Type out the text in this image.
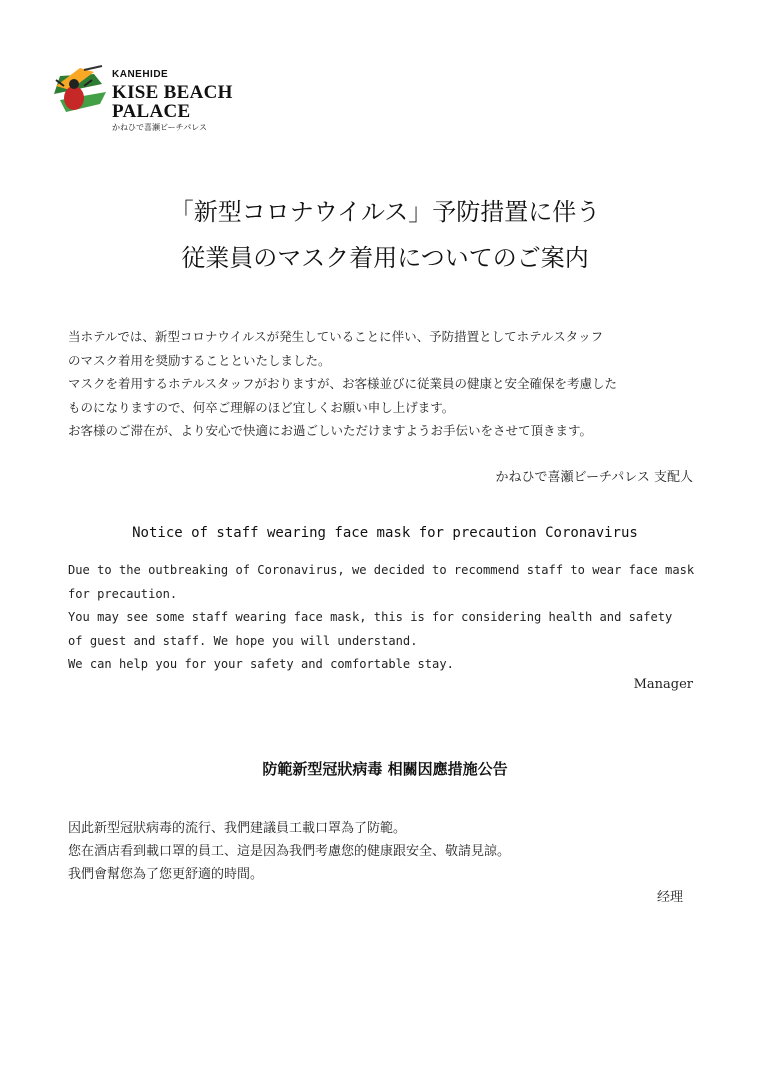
KANEHIDE
KISE BEACH PALACE
かねひで喜瀬ビーチパレス
「新型コロナウイルス」予防措置に伴う
従業員のマスク着用についてのご案内
当ホテルでは、新型コロナウイルスが発生していることに伴い、予防措置としてホテルスタッフ
のマスク着用を奨励することといたしました。
マスクを着用するホテルスタッフがおりますが、お客様並びに従業員の健康と安全確保を考慮した
ものになりますので、何卒ご理解のほど宜しくお願い申し上げます。
お客様のご滞在が、より安心で快適にお過ごしいただけますようお手伝いをさせて頂きます。
かねひで喜瀬ビーチパレス 支配人
Notice of staff wearing face mask for precaution Coronavirus
Due to the outbreaking of Coronavirus, we decided to recommend staff to wear face mask
for precaution.
You may see some staff wearing face mask, this is for considering health and safety
of guest and staff. We hope you will understand.
We can help you for your safety and comfortable stay.
Manager
防範新型冠狀病毒 相關因應措施公告
因此新型冠狀病毒的流行、我們建議員工載口罩為了防範。
您在酒店看到載口罩的員工、這是因為我們考慮您的健康跟安全、敬請見諒。
我們會幫您為了您更舒適的時間。
经理
